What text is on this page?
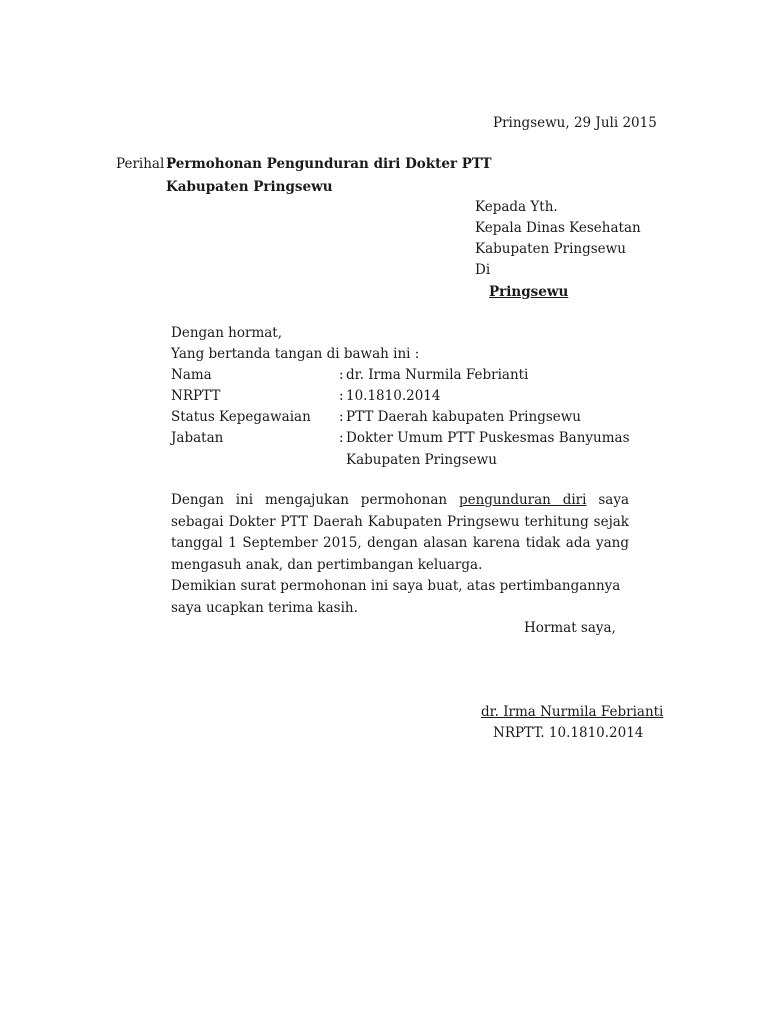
Pringsewu, 29 Juli 2015
Perihal :
Permohonan Pengunduran diri Dokter PTT
Kabupaten Pringsewu
Kepada Yth.
Kepala Dinas Kesehatan
Kabupaten Pringsewu
Di
Pringsewu
Dengan hormat,
Yang bertanda tangan di bawah ini :
Nama	: dr. Irma Nurmila Febrianti
NRPTT	: 10.1810.2014
Status Kepegawaian : PTT Daerah kabupaten Pringsewu
Jabatan	: Dokter Umum PTT Puskesmas Banyumas
Kabupaten Pringsewu

Dengan ini mengajukan permohonan pengunduran diri saya sebagai Dokter PTT Daerah Kabupaten Pringsewu terhitung sejak tanggal 1 September 2015, dengan alasan karena tidak ada yang mengasuh anak, dan pertimbangan keluarga.

Demikian surat permohonan ini saya buat, atas pertimbangannya saya ucapkan terima kasih.

Hormat saya,
dr. Irma Nurmila Febrianti
NRPTT. 10.1810.2014
